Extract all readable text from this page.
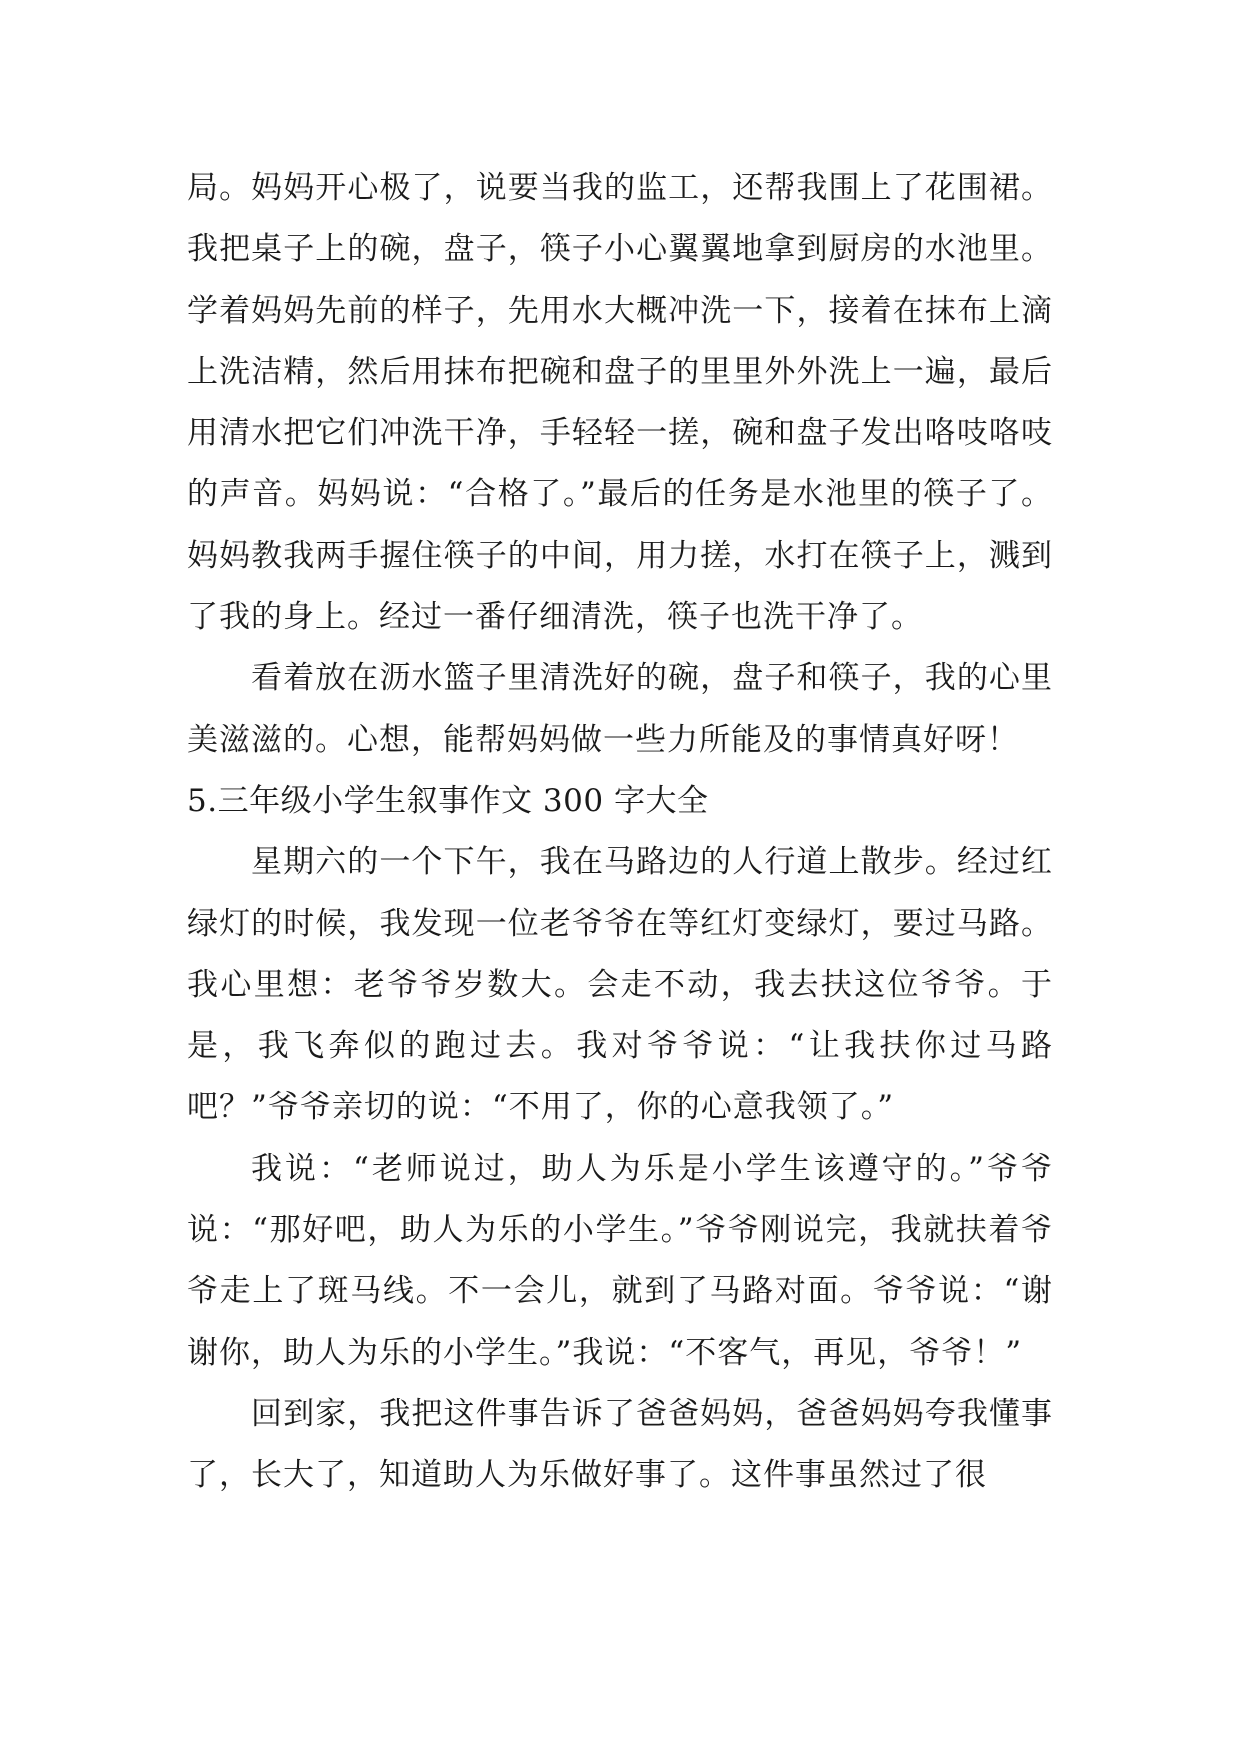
局。妈妈开心极了，说要当我的监工，还帮我围上了花围裙。我把桌子上的碗，盘子，筷子小心翼翼地拿到厨房的水池里。学着妈妈先前的样子，先用水大概冲洗一下，接着在抹布上滴上洗洁精，然后用抹布把碗和盘子的里里外外洗上一遍，最后用清水把它们冲洗干净，手轻轻一搓，碗和盘子发出咯吱咯吱的声音。妈妈说：“合格了。”最后的任务是水池里的筷子了。妈妈教我两手握住筷子的中间，用力搓，水打在筷子上，溅到了我的身上。经过一番仔细清洗，筷子也洗干净了。

看着放在沥水篮子里清洗好的碗，盘子和筷子，我的心里美滋滋的。心想，能帮妈妈做一些力所能及的事情真好呀！

5.三年级小学生叙事作文 300 字大全

星期六的一个下午，我在马路边的人行道上散步。经过红绿灯的时候，我发现一位老爷爷在等红灯变绿灯，要过马路。我心里想：老爷爷岁数大。会走不动，我去扶这位爷爷。于是，我飞奔似的跑过去。我对爷爷说：“让我扶你过马路吧？”爷爷亲切的说：“不用了，你的心意我领了。”

我说：“老师说过，助人为乐是小学生该遵守的。”爷爷说：“那好吧，助人为乐的小学生。”爷爷刚说完，我就扶着爷爷走上了斑马线。不一会儿，就到了马路对面。爷爷说：“谢谢你，助人为乐的小学生。”我说：“不客气，再见，爷爷！”

回到家，我把这件事告诉了爸爸妈妈，爸爸妈妈夸我懂事了，长大了，知道助人为乐做好事了。这件事虽然过了很
